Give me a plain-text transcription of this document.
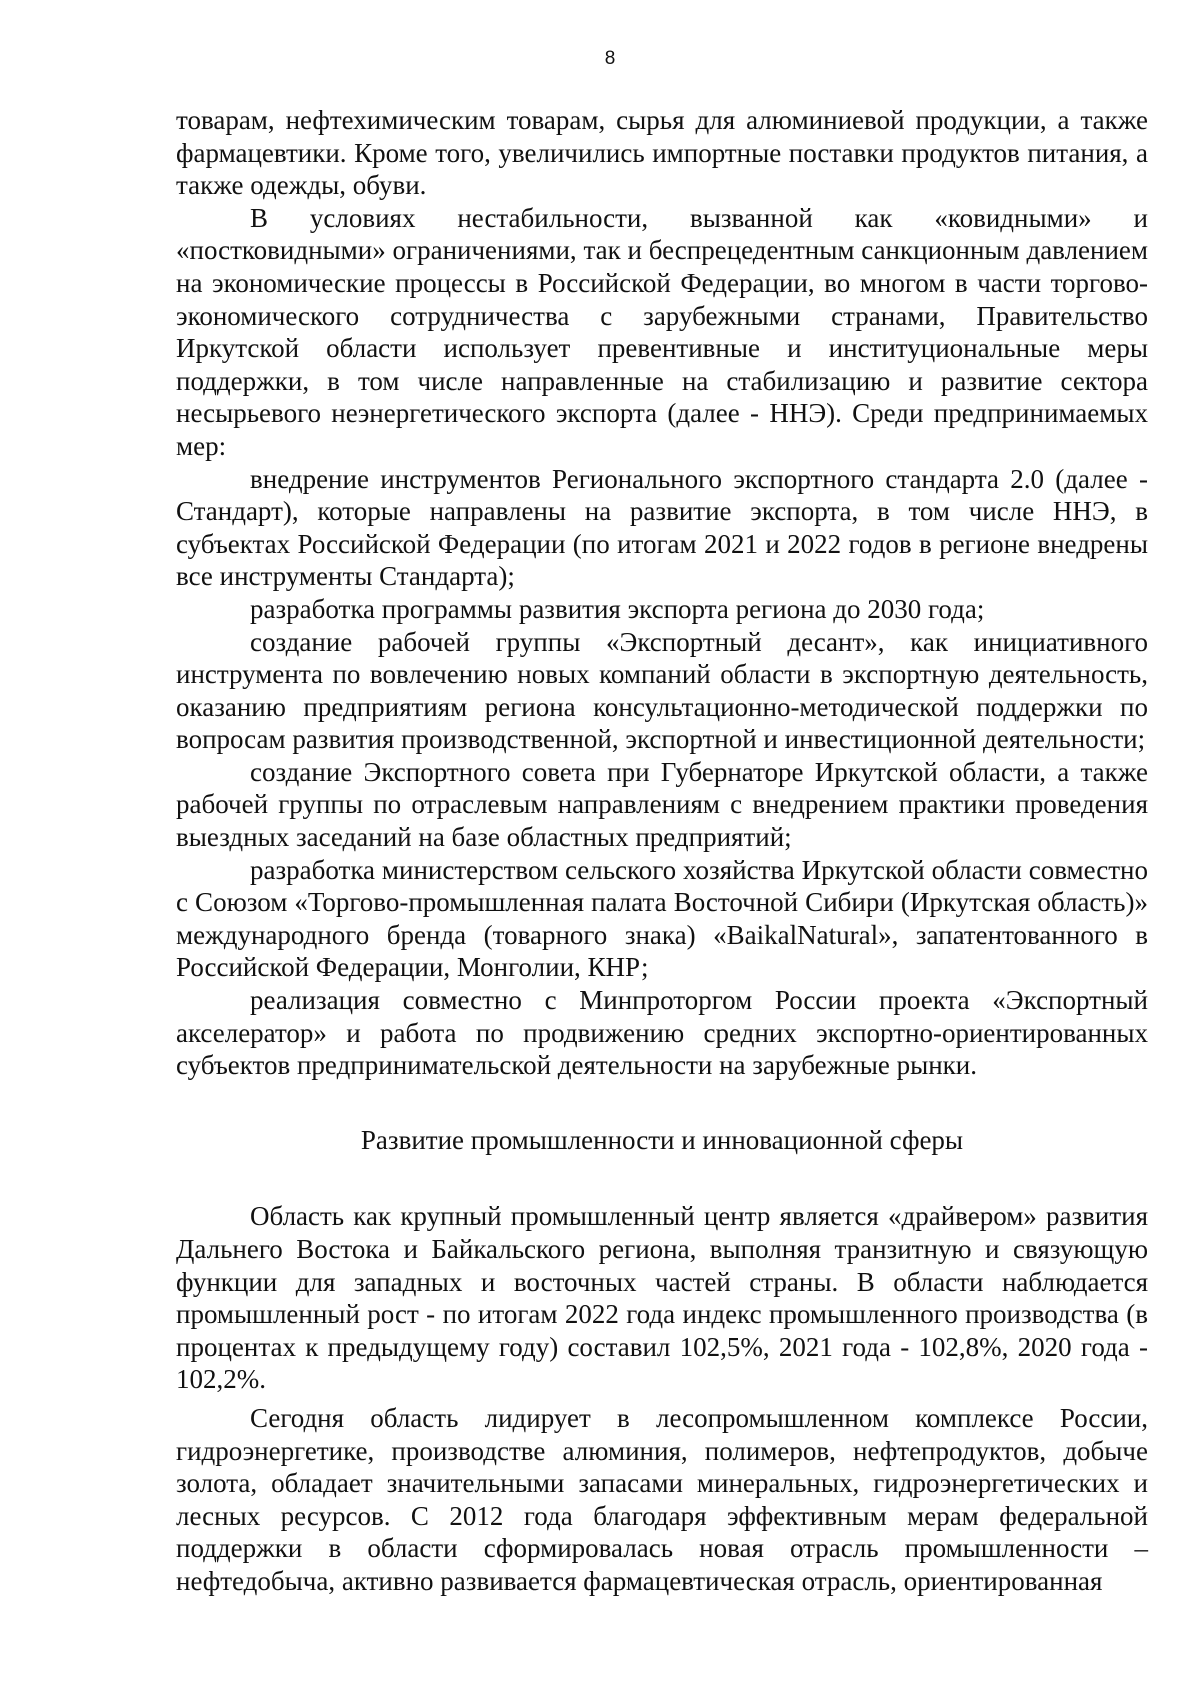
8

товарам, нефтехимическим товарам, сырья для алюминиевой продукции, а также фармацевтики. Кроме того, увеличились импортные поставки продуктов питания, а также одежды, обуви.

В условиях нестабильности, вызванной как «ковидными» и «постковидными» ограничениями, так и беспрецедентным санкционным давлением на экономические процессы в Российской Федерации, во многом в части торгово-экономического сотрудничества с зарубежными странами, Правительство Иркутской области использует превентивные и институциональные меры поддержки, в том числе направленные на стабилизацию и развитие сектора несырьевого неэнергетического экспорта (далее - ННЭ). Среди предпринимаемых мер:

внедрение инструментов Регионального экспортного стандарта 2.0 (далее - Стандарт), которые направлены на развитие экспорта, в том числе ННЭ, в субъектах Российской Федерации (по итогам 2021 и 2022 годов в регионе внедрены все инструменты Стандарта);

разработка программы развития экспорта региона до 2030 года;

создание рабочей группы «Экспортный десант», как инициативного инструмента по вовлечению новых компаний области в экспортную деятельность, оказанию предприятиям региона консультационно-методической поддержки по вопросам развития производственной, экспортной и инвестиционной деятельности;

создание Экспортного совета при Губернаторе Иркутской области, а также рабочей группы по отраслевым направлениям с внедрением практики проведения выездных заседаний на базе областных предприятий;

разработка министерством сельского хозяйства Иркутской области совместно с Союзом «Торгово-промышленная палата Восточной Сибири (Иркутская область)» международного бренда (товарного знака) «BaikalNatural», запатентованного в Российской Федерации, Монголии, КНР;

реализация совместно с Минпроторгом России проекта «Экспортный акселератор» и работа по продвижению средних экспортно-ориентированных субъектов предпринимательской деятельности на зарубежные рынки.

Развитие промышленности и инновационной сферы

Область как крупный промышленный центр является «драйвером» развития Дальнего Востока и Байкальского региона, выполняя транзитную и связующую функции для западных и восточных частей страны. В области наблюдается промышленный рост - по итогам 2022 года индекс промышленного производства (в процентах к предыдущему году) составил 102,5%, 2021 года - 102,8%, 2020 года - 102,2%.

Сегодня область лидирует в лесопромышленном комплексе России, гидроэнергетике, производстве алюминия, полимеров, нефтепродуктов, добыче золота, обладает значительными запасами минеральных, гидроэнергетических и лесных ресурсов. С 2012 года благодаря эффективным мерам федеральной поддержки в области сформировалась новая отрасль промышленности – нефтедобыча, активно развивается фармацевтическая отрасль, ориентированная
